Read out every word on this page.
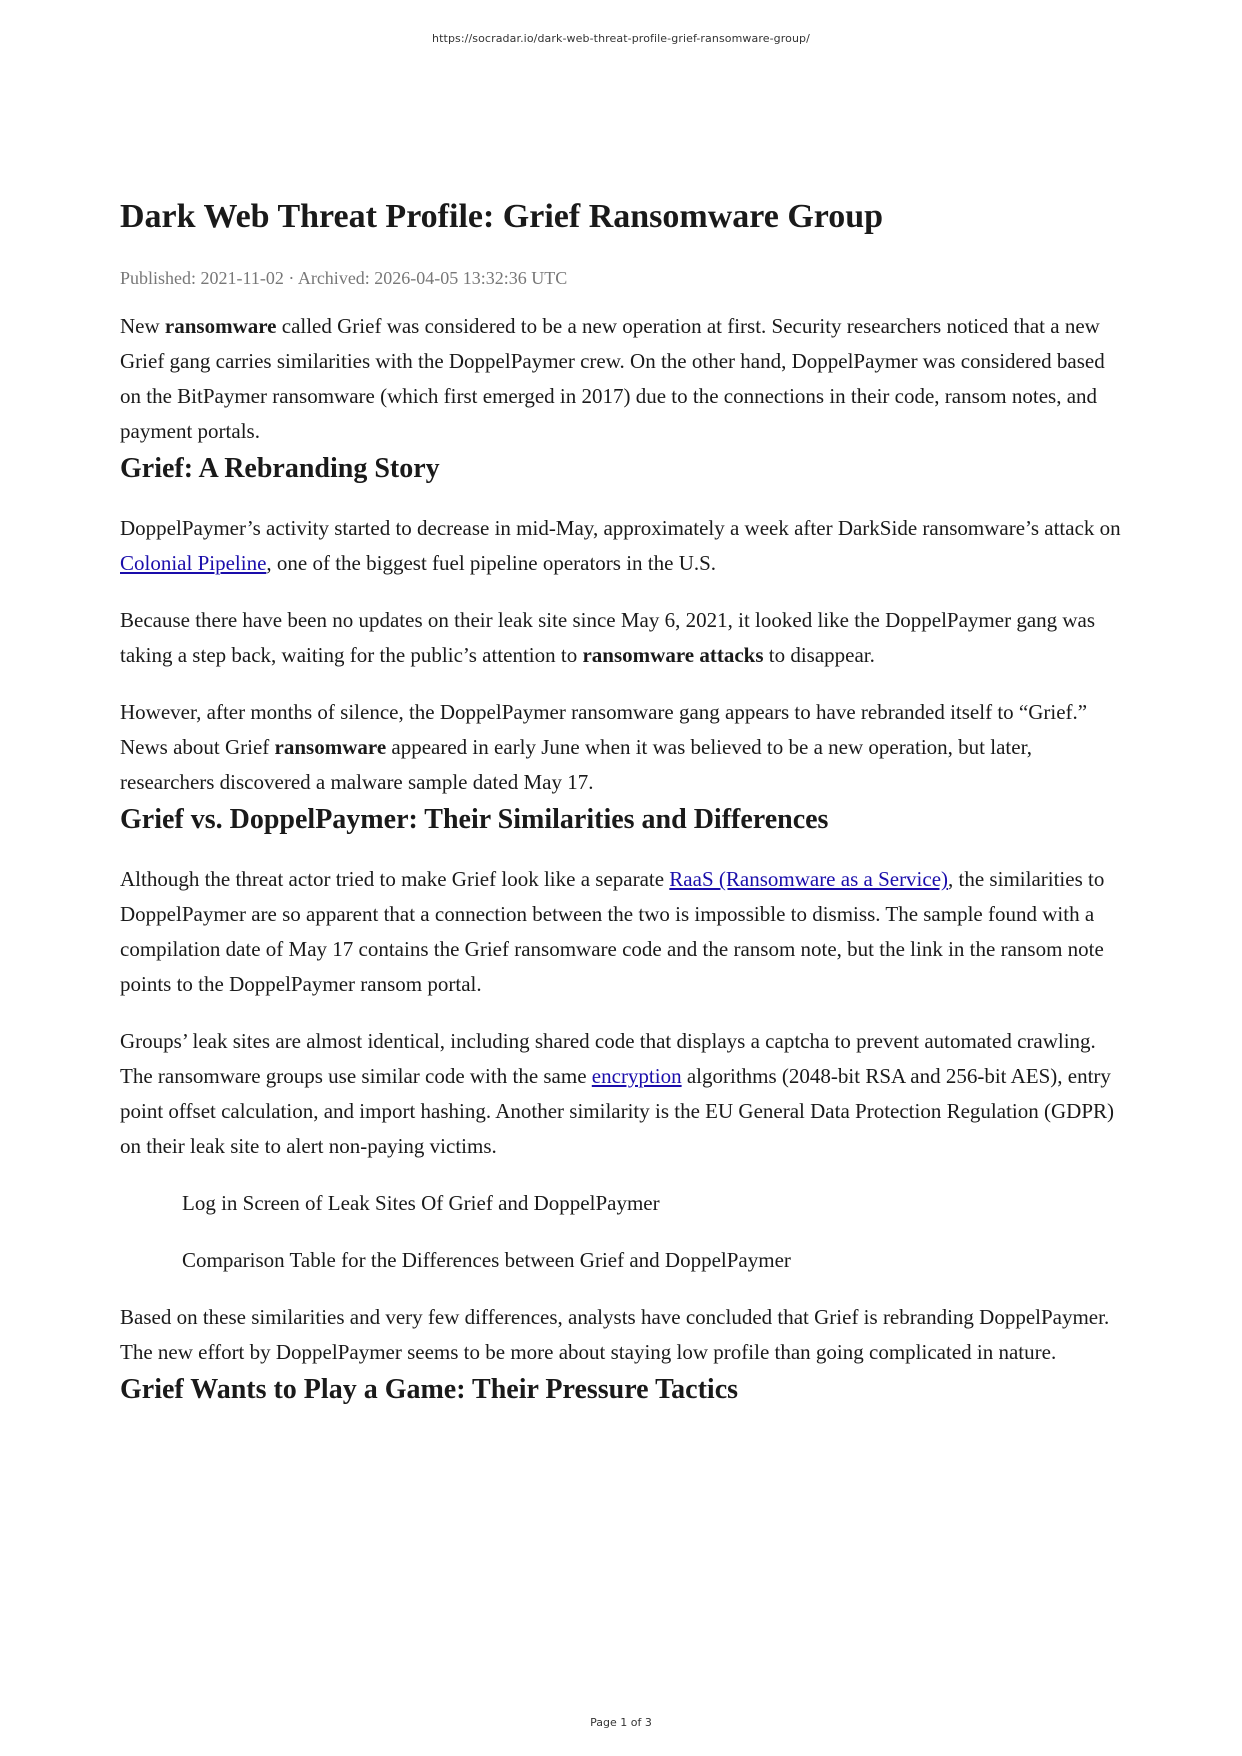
https://socradar.io/dark-web-threat-profile-grief-ransomware-group/
Dark Web Threat Profile: Grief Ransomware Group
Published: 2021-11-02 · Archived: 2026-04-05 13:32:36 UTC

New ransomware called Grief was considered to be a new operation at first. Security researchers noticed that a new Grief gang carries similarities with the DoppelPaymer crew. On the other hand, DoppelPaymer was considered based on the BitPaymer ransomware (which first emerged in 2017) due to the connections in their code, ransom notes, and payment portals.

Grief: A Rebranding Story

DoppelPaymer’s activity started to decrease in mid-May, approximately a week after DarkSide ransomware’s attack on Colonial Pipeline, one of the biggest fuel pipeline operators in the U.S.

Because there have been no updates on their leak site since May 6, 2021, it looked like the DoppelPaymer gang was taking a step back, waiting for the public’s attention to ransomware attacks to disappear.

However, after months of silence, the DoppelPaymer ransomware gang appears to have rebranded itself to “Grief.” News about Grief ransomware appeared in early June when it was believed to be a new operation, but later, researchers discovered a malware sample dated May 17.

Grief vs. DoppelPaymer: Their Similarities and Differences

Although the threat actor tried to make Grief look like a separate RaaS (Ransomware as a Service), the similarities to DoppelPaymer are so apparent that a connection between the two is impossible to dismiss. The sample found with a compilation date of May 17 contains the Grief ransomware code and the ransom note, but the link in the ransom note points to the DoppelPaymer ransom portal.

Groups’ leak sites are almost identical, including shared code that displays a captcha to prevent automated crawling. The ransomware groups use similar code with the same encryption algorithms (2048-bit RSA and 256-bit AES), entry point offset calculation, and import hashing. Another similarity is the EU General Data Protection Regulation (GDPR) on their leak site to alert non-paying victims.

Log in Screen of Leak Sites Of Grief and DoppelPaymer

Comparison Table for the Differences between Grief and DoppelPaymer

Based on these similarities and very few differences, analysts have concluded that Grief is rebranding DoppelPaymer. The new effort by DoppelPaymer seems to be more about staying low profile than going complicated in nature.

Grief Wants to Play a Game: Their Pressure Tactics
Page 1 of 3
